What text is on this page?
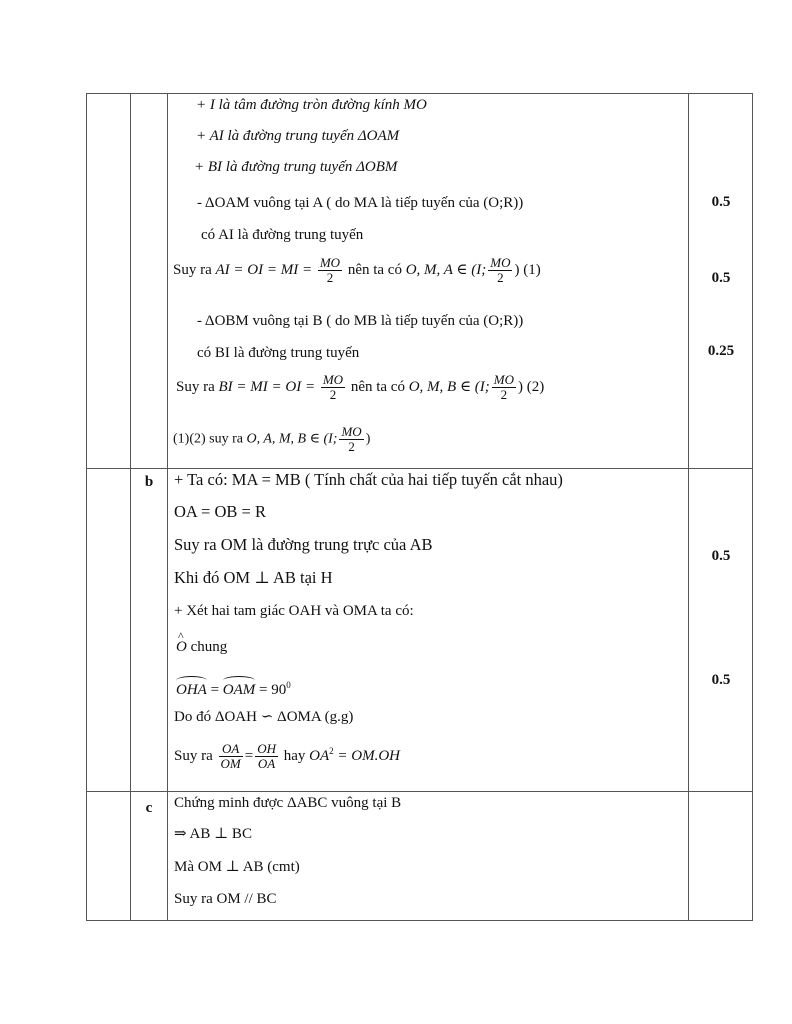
+ I là tâm đường tròn đường kính MO
+ AI là đường trung tuyến ΔOAM
+ BI là đường trung tuyến ΔOBM
- ΔOAM vuông tại A ( do MA là tiếp tuyến của (O;R))
có AI là đường trung tuyến
Suy ra AI = OI = MI = $\frac{MO}{2}$ nên ta có O, M, A ∈ (I; $\frac{MO}{2}$ ) (1)
- ΔOBM vuông tại B ( do MB là tiếp tuyến của (O;R))
có BI là đường trung tuyến
Suy ra BI = MI = OI = $\frac{MO}{2}$ nên ta có O, M, B ∈ (I; $\frac{MO}{2}$ ) (2)
(1)(2) suy ra O, A, M, B ∈ (I; $\frac{MO}{2}$ )
0.5
0.5
0.25
b	+ Ta có: MA = MB ( Tính chất của hai tiếp tuyến cắt nhau)
OA = OB = R
Suy ra OM là đường trung trực của AB
Khi đó OM ⊥ AB tại H
+ Xét hai tam giác OAH và OMA ta có:
^ O chung
OHA = OAM = $90^0$
Do đó ΔOAH ∽ ΔOMA (g.g)
Suy ra $\frac{OA}{OM} = \frac{OH}{OA}$ hay $OA^2 = OM.OH$
0.5
0.5
c	Chứng minh được ΔABC vuông tại B
⇒ AB ⊥ BC
Mà OM ⊥ AB (cmt)
Suy ra OM // BC
